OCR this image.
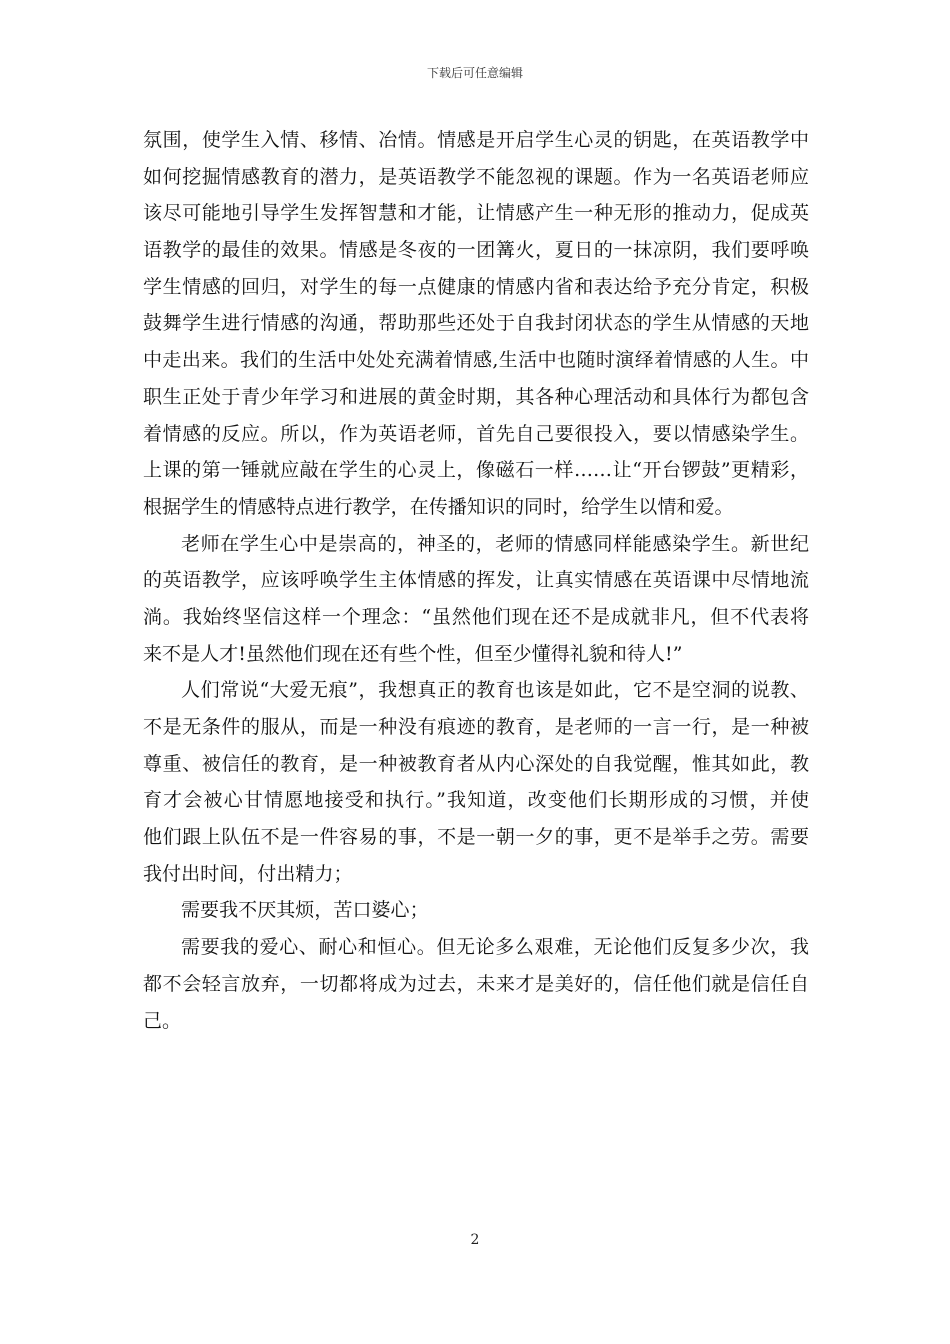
下载后可任意编辑
氛围，使学生入情、移情、冶情。情感是开启学生心灵的钥匙，在英语教学中
如何挖掘情感教育的潜力，是英语教学不能忽视的课题。作为一名英语老师应
该尽可能地引导学生发挥智慧和才能，让情感产生一种无形的推动力，促成英
语教学的最佳的效果。情感是冬夜的一团篝火，夏日的一抹凉阴，我们要呼唤
学生情感的回归，对学生的每一点健康的情感内省和表达给予充分肯定，积极
鼓舞学生进行情感的沟通，帮助那些还处于自我封闭状态的学生从情感的天地
中走出来。我们的生活中处处充满着情感,生活中也随时演绎着情感的人生。中
职生正处于青少年学习和进展的黄金时期，其各种心理活动和具体行为都包含
着情感的反应。所以，作为英语老师，首先自己要很投入，要以情感染学生。
上课的第一锤就应敲在学生的心灵上，像磁石一样……让“开台锣鼓”更精彩，
根据学生的情感特点进行教学，在传播知识的同时，给学生以情和爱。
老师在学生心中是崇高的，神圣的，老师的情感同样能感染学生。新世纪
的英语教学，应该呼唤学生主体情感的挥发，让真实情感在英语课中尽情地流
淌。我始终坚信这样一个理念：“虽然他们现在还不是成就非凡，但不代表将
来不是人才!虽然他们现在还有些个性，但至少懂得礼貌和待人!”
人们常说“大爱无痕”，我想真正的教育也该是如此，它不是空洞的说教、
不是无条件的服从，而是一种没有痕迹的教育，是老师的一言一行，是一种被
尊重、被信任的教育，是一种被教育者从内心深处的自我觉醒，惟其如此，教
育才会被心甘情愿地接受和执行。”我知道，改变他们长期形成的习惯，并使
他们跟上队伍不是一件容易的事，不是一朝一夕的事，更不是举手之劳。需要
我付出时间，付出精力；
需要我不厌其烦，苦口婆心；
需要我的爱心、耐心和恒心。但无论多么艰难，无论他们反复多少次，我
都不会轻言放弃，一切都将成为过去，未来才是美好的，信任他们就是信任自
己。
2
